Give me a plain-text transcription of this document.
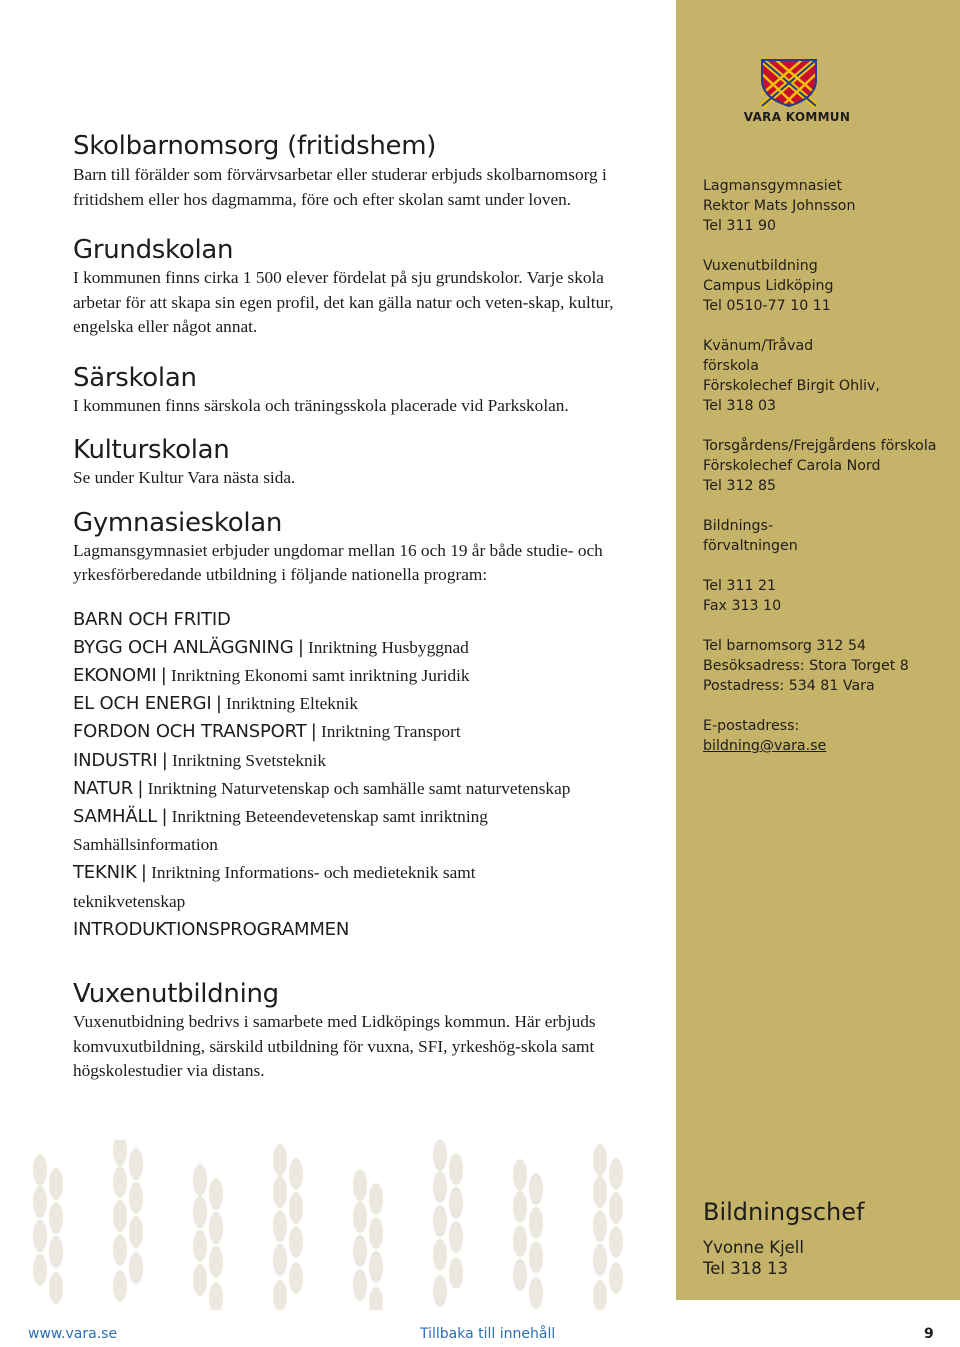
VARA KOMMUN
Lagmansgymnasiet
Rektor Mats Johnsson
Tel 311 90
Vuxenutbildning
Campus Lidköping
Tel 0510-77 10 11
Kvänum/Tråvad
förskola
Förskolechef Birgit Ohliv,
Tel 318 03
Torsgårdens/Frejgårdens förskola
Förskolechef Carola Nord
Tel 312 85
Bildnings-
förvaltningen
Tel 311 21
Fax 313 10
Tel barnomsorg 312 54
Besöksadress: Stora Torget 8
Postadress: 534 81 Vara
E-postadress:
bildning@vara.se
Skolbarnomsorg (fritidshem)

Barn till förälder som förvärvsarbetar eller studerar erbjuds skolbarnomsorg i fritidshem eller hos dagmamma, före och efter skolan samt under loven.

Grundskolan

I kommunen finns cirka 1 500 elever fördelat på sju grundskolor. Varje skola arbetar för att skapa sin egen profil, det kan gälla natur och veten-skap, kultur, engelska eller något annat.

Särskolan

I kommunen finns särskola och träningsskola placerade vid Parkskolan.

Kulturskolan

Se under Kultur Vara nästa sida.

Gymnasieskolan

Lagmansgymnasiet erbjuder ungdomar mellan 16 och 19 år både studie- och yrkesförberedande utbildning i följande nationella program:

BARN OCH FRITID
BYGG OCH ANLÄGGNING | Inriktning Husbyggnad
EKONOMI | Inriktning Ekonomi samt inriktning Juridik
EL OCH ENERGI | Inriktning Elteknik
FORDON OCH TRANSPORT | Inriktning Transport
INDUSTRI | Inriktning Svetsteknik
NATUR | Inriktning Naturvetenskap och samhälle samt naturvetenskap
SAMHÄLL | Inriktning Beteendevetenskap samt inriktning Samhällsinformation
TEKNIK | Inriktning Informations- och medieteknik samt teknikvetenskap
INTRODUKTIONSPROGRAMMEN
Vuxenutbildning

Vuxenutbidning bedrivs i samarbete med Lidköpings kommun. Här erbjuds komvuxutbildning, särskild utbildning för vuxna, SFI, yrkeshög-skola samt högskolestudier via distans.

Bildningschef
Yvonne Kjell
Tel 318 13
www.vara.se	Tillbaka till innehåll	9
